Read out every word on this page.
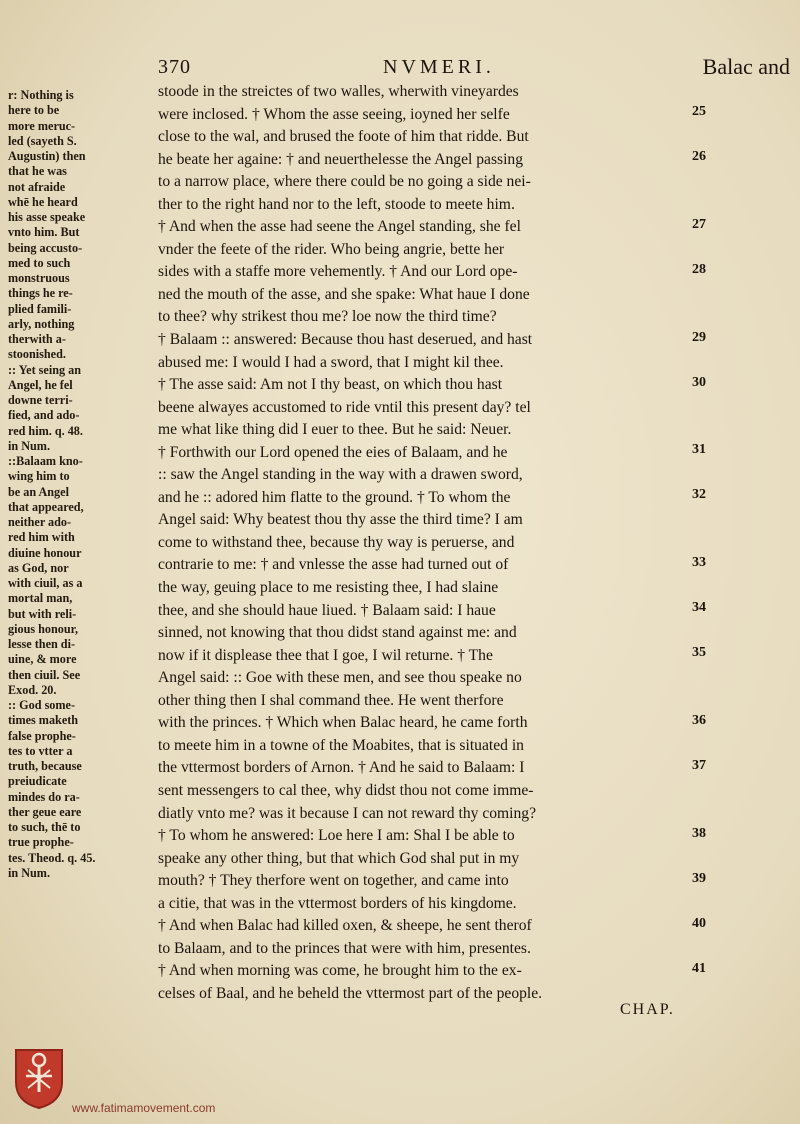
370	NVMERI.	Balac and
r: Nothing is
here to be
more meruc-
led (sayeth S.
Augustin) then
that he was
not afraide
whē he heard
his asse speake
vnto him. But
being accusto-
med to such
monstruous
things he re-
plied famili-
arly, nothing
therwith a-
stoonished.
:: Yet seing an
Angel, he fel
downe terri-
fied, and ado-
red him. q. 48.
in Num.
::Balaam kno-
wing him to
be an Angel
that appeared,
neither ado-
red him with
diuine honour
as God, nor
with ciuil, as a
mortal man,
but with reli-
gious honour,
lesse then di-
uine, & more
then ciuil. See
Exod. 20.
:: God some-
times maketh
false prophe-
tes to vtter a
truth, because
preiudicate
mindes do ra-
ther geue eare
to such, thē to
true prophe-
tes. Theod. q. 45.
in Num.
stoode in the streictes of two walles, wherwith vineyardes
were inclosed. † Whom the asse seeing, ioyned her selfe
close to the wal, and brused the foote of him that ridde. But
he beate her againe: † and neuerthelesse the Angel passing
to a narrow place, where there could be no going a side nei-
ther to the right hand nor to the left, stoode to meete him.
† And when the asse had seene the Angel standing, she fel
vnder the feete of the rider. Who being angrie, bette her
sides with a staffe more vehemently. † And our Lord ope-
ned the mouth of the asse, and she spake: What haue I done
to thee? why strikest thou me? loe now the third time?
† Balaam :: answered: Because thou hast deserued, and hast
abused me: I would I had a sword, that I might kil thee.
† The asse said: Am not I thy beast, on which thou hast
beene alwayes accustomed to ride vntil this present day? tel
me what like thing did I euer to thee. But he said: Neuer.
† Forthwith our Lord opened the eies of Balaam, and he
:: saw the Angel standing in the way with a drawen sword,
and he :: adored him flatte to the ground. † To whom the
Angel said: Why beatest thou thy asse the third time? I am
come to withstand thee, because thy way is peruerse, and
contrarie to me: † and vnlesse the asse had turned out of
the way, geuing place to me resisting thee, I had slaine
thee, and she should haue liued. † Balaam said: I haue
sinned, not knowing that thou didst stand against me: and
now if it displease thee that I goe, I wil returne. † The
Angel said: :: Goe with these men, and see thou speake no
other thing then I shal command thee. He went therfore
with the princes. † Which when Balac heard, he came forth
to meete him in a towne of the Moabites, that is situated in
the vttermost borders of Arnon. † And he said to Balaam: I
sent messengers to cal thee, why didst thou not come imme-
diatly vnto me? was it because I can not reward thy coming?
† To whom he answered: Loe here I am: Shal I be able to
speake any other thing, but that which God shal put in my
mouth? † They therfore went on together, and came into
a citie, that was in the vttermost borders of his kingdome.
† And when Balac had killed oxen, & sheepe, he sent therof
to Balaam, and to the princes that were with him, presentes.
† And when morning was come, he brought him to the ex-
celses of Baal, and he beheld the vttermost part of the people.
25
26
27
28
29
30
31
32
33
34
35
36
37
38
39
40
41
CHAP.
www.fatimamovement.com
